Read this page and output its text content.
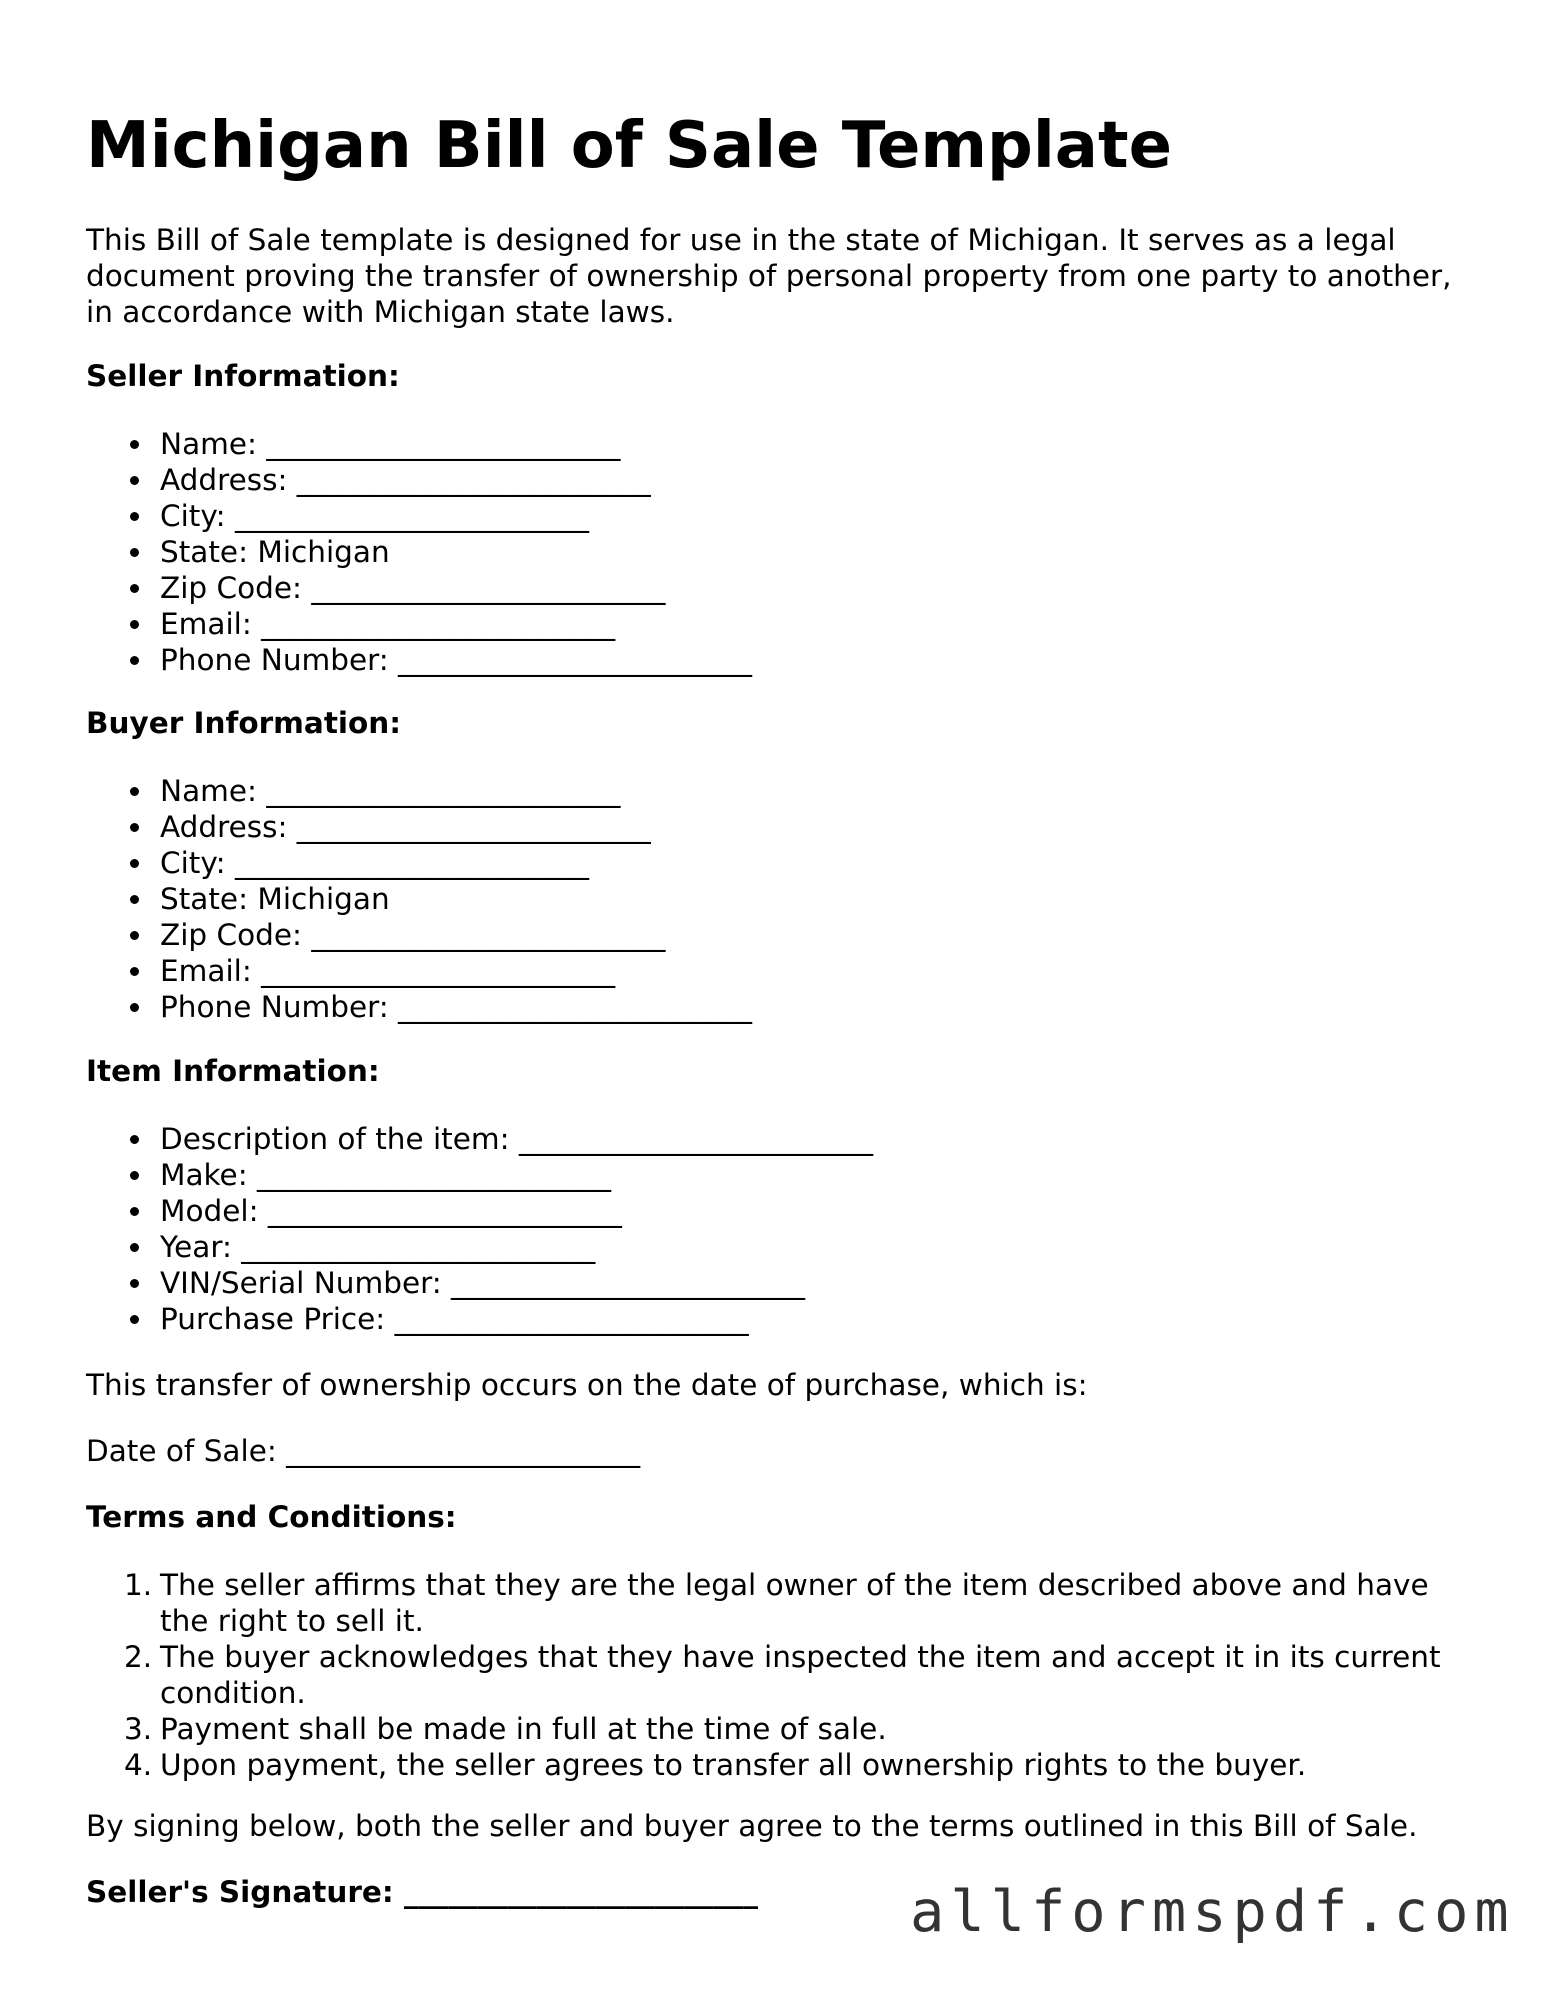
Michigan Bill of Sale Template

This Bill of Sale template is designed for use in the state of Michigan. It serves as a legal document proving the transfer of ownership of personal property from one party to another, in accordance with Michigan state laws.

Seller Information:
Name: ________________________
Address: ________________________
City: ________________________
State: Michigan
Zip Code: ________________________
Email: ________________________
Phone Number: ________________________
Buyer Information:
Name: ________________________
Address: ________________________
City: ________________________
State: Michigan
Zip Code: ________________________
Email: ________________________
Phone Number: ________________________
Item Information:
Description of the item: ________________________
Make: ________________________
Model: ________________________
Year: ________________________
VIN/Serial Number: ________________________
Purchase Price: ________________________

This transfer of ownership occurs on the date of purchase, which is:

Date of Sale: ________________________

Terms and Conditions:
1. The seller affirms that they are the legal owner of the item described above and have the right to sell it.
2. The buyer acknowledges that they have inspected the item and accept it in its current condition.
3. Payment shall be made in full at the time of sale.
4. Upon payment, the seller agrees to transfer all ownership rights to the buyer.

By signing below, both the seller and buyer agree to the terms outlined in this Bill of Sale.

Seller's Signature: ________________________	allformspdf.com
